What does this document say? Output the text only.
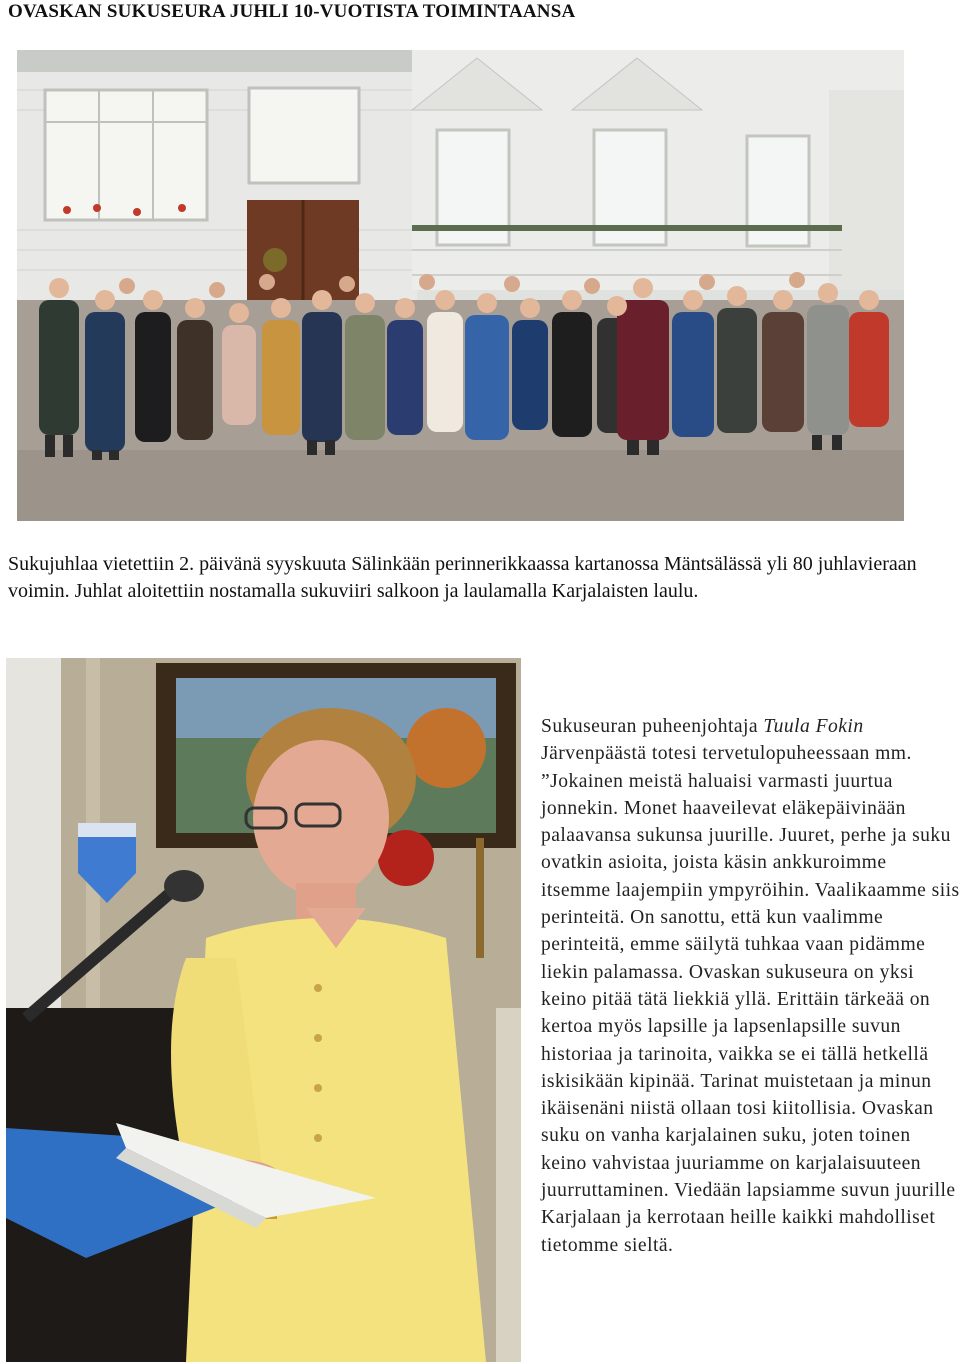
OVASKAN SUKUSEURA JUHLI 10-VUOTISTA TOIMINTAANSA

Sukujuhlaa vietettiin 2. päivänä syyskuuta Sälinkään perinnerikkaassa kartanossa Mäntsälässä yli 80 juhlavieraan voimin. Juhlat aloitettiin nostamalla sukuviiri salkoon ja laulamalla Karjalaisten laulu.

Sukuseuran puheenjohtaja Tuula Fokin Järvenpäästä totesi tervetulopuheessaan mm. ”Jokainen meistä haluaisi varmasti juurtua jonnekin. Monet haaveilevat eläkepäivinään palaavansa sukunsa juurille. Juuret, perhe ja suku ovatkin asioita, joista käsin ankkuroimme itsemme laajempiin ympyröihin. Vaalikaamme siis perinteitä. On sanottu, että kun vaalimme perinteitä, emme säilytä tuhkaa vaan pidämme liekin palamassa. Ovaskan sukuseura on yksi keino pitää tätä liekkiä yllä. Erittäin tärkeää on kertoa myös lapsille ja lapsenlapsille suvun historiaa ja tarinoita, vaikka se ei tällä hetkellä iskisikään kipinää. Tarinat muistetaan ja minun ikäisenäni niistä ollaan tosi kiitollisia. Ovaskan suku on vanha karjalainen suku, joten toinen keino vahvistaa juuriamme on karjalaisuuteen juurruttaminen. Viedään lapsiamme suvun juurille Karjalaan ja kerrotaan heille kaikki mahdolliset tietomme sieltä.
